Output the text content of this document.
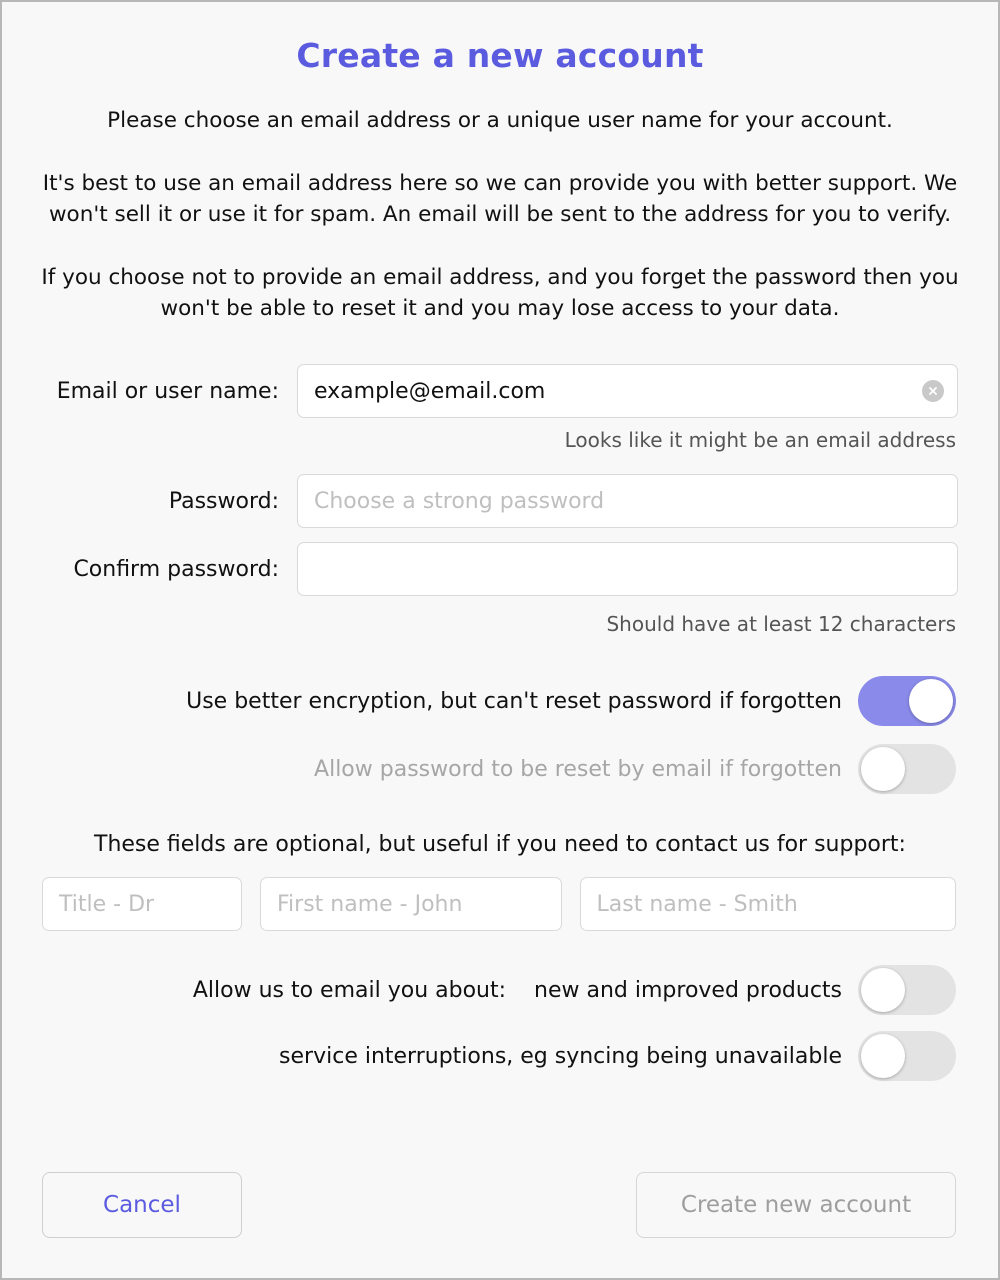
Create a new account

Please choose an email address or a unique user name for your account.

It's best to use an email address here so we can provide you with better support. We won't sell it or use it for spam. An email will be sent to the address for you to verify.

If you choose not to provide an email address, and you forget the password then you won't be able to reset it and you may lose access to your data.

Email or user name:
example@email.com
Looks like it might be an email address
Password:
Choose a strong password
Confirm password:
Should have at least 12 characters
Use better encryption, but can't reset password if forgotten
Allow password to be reset by email if forgotten
These fields are optional, but useful if you need to contact us for support:
Title - Dr
First name - John
Last name - Smith
Allow us to email you about: new and improved products
service interruptions, eg syncing being unavailable
Cancel	Create new account
